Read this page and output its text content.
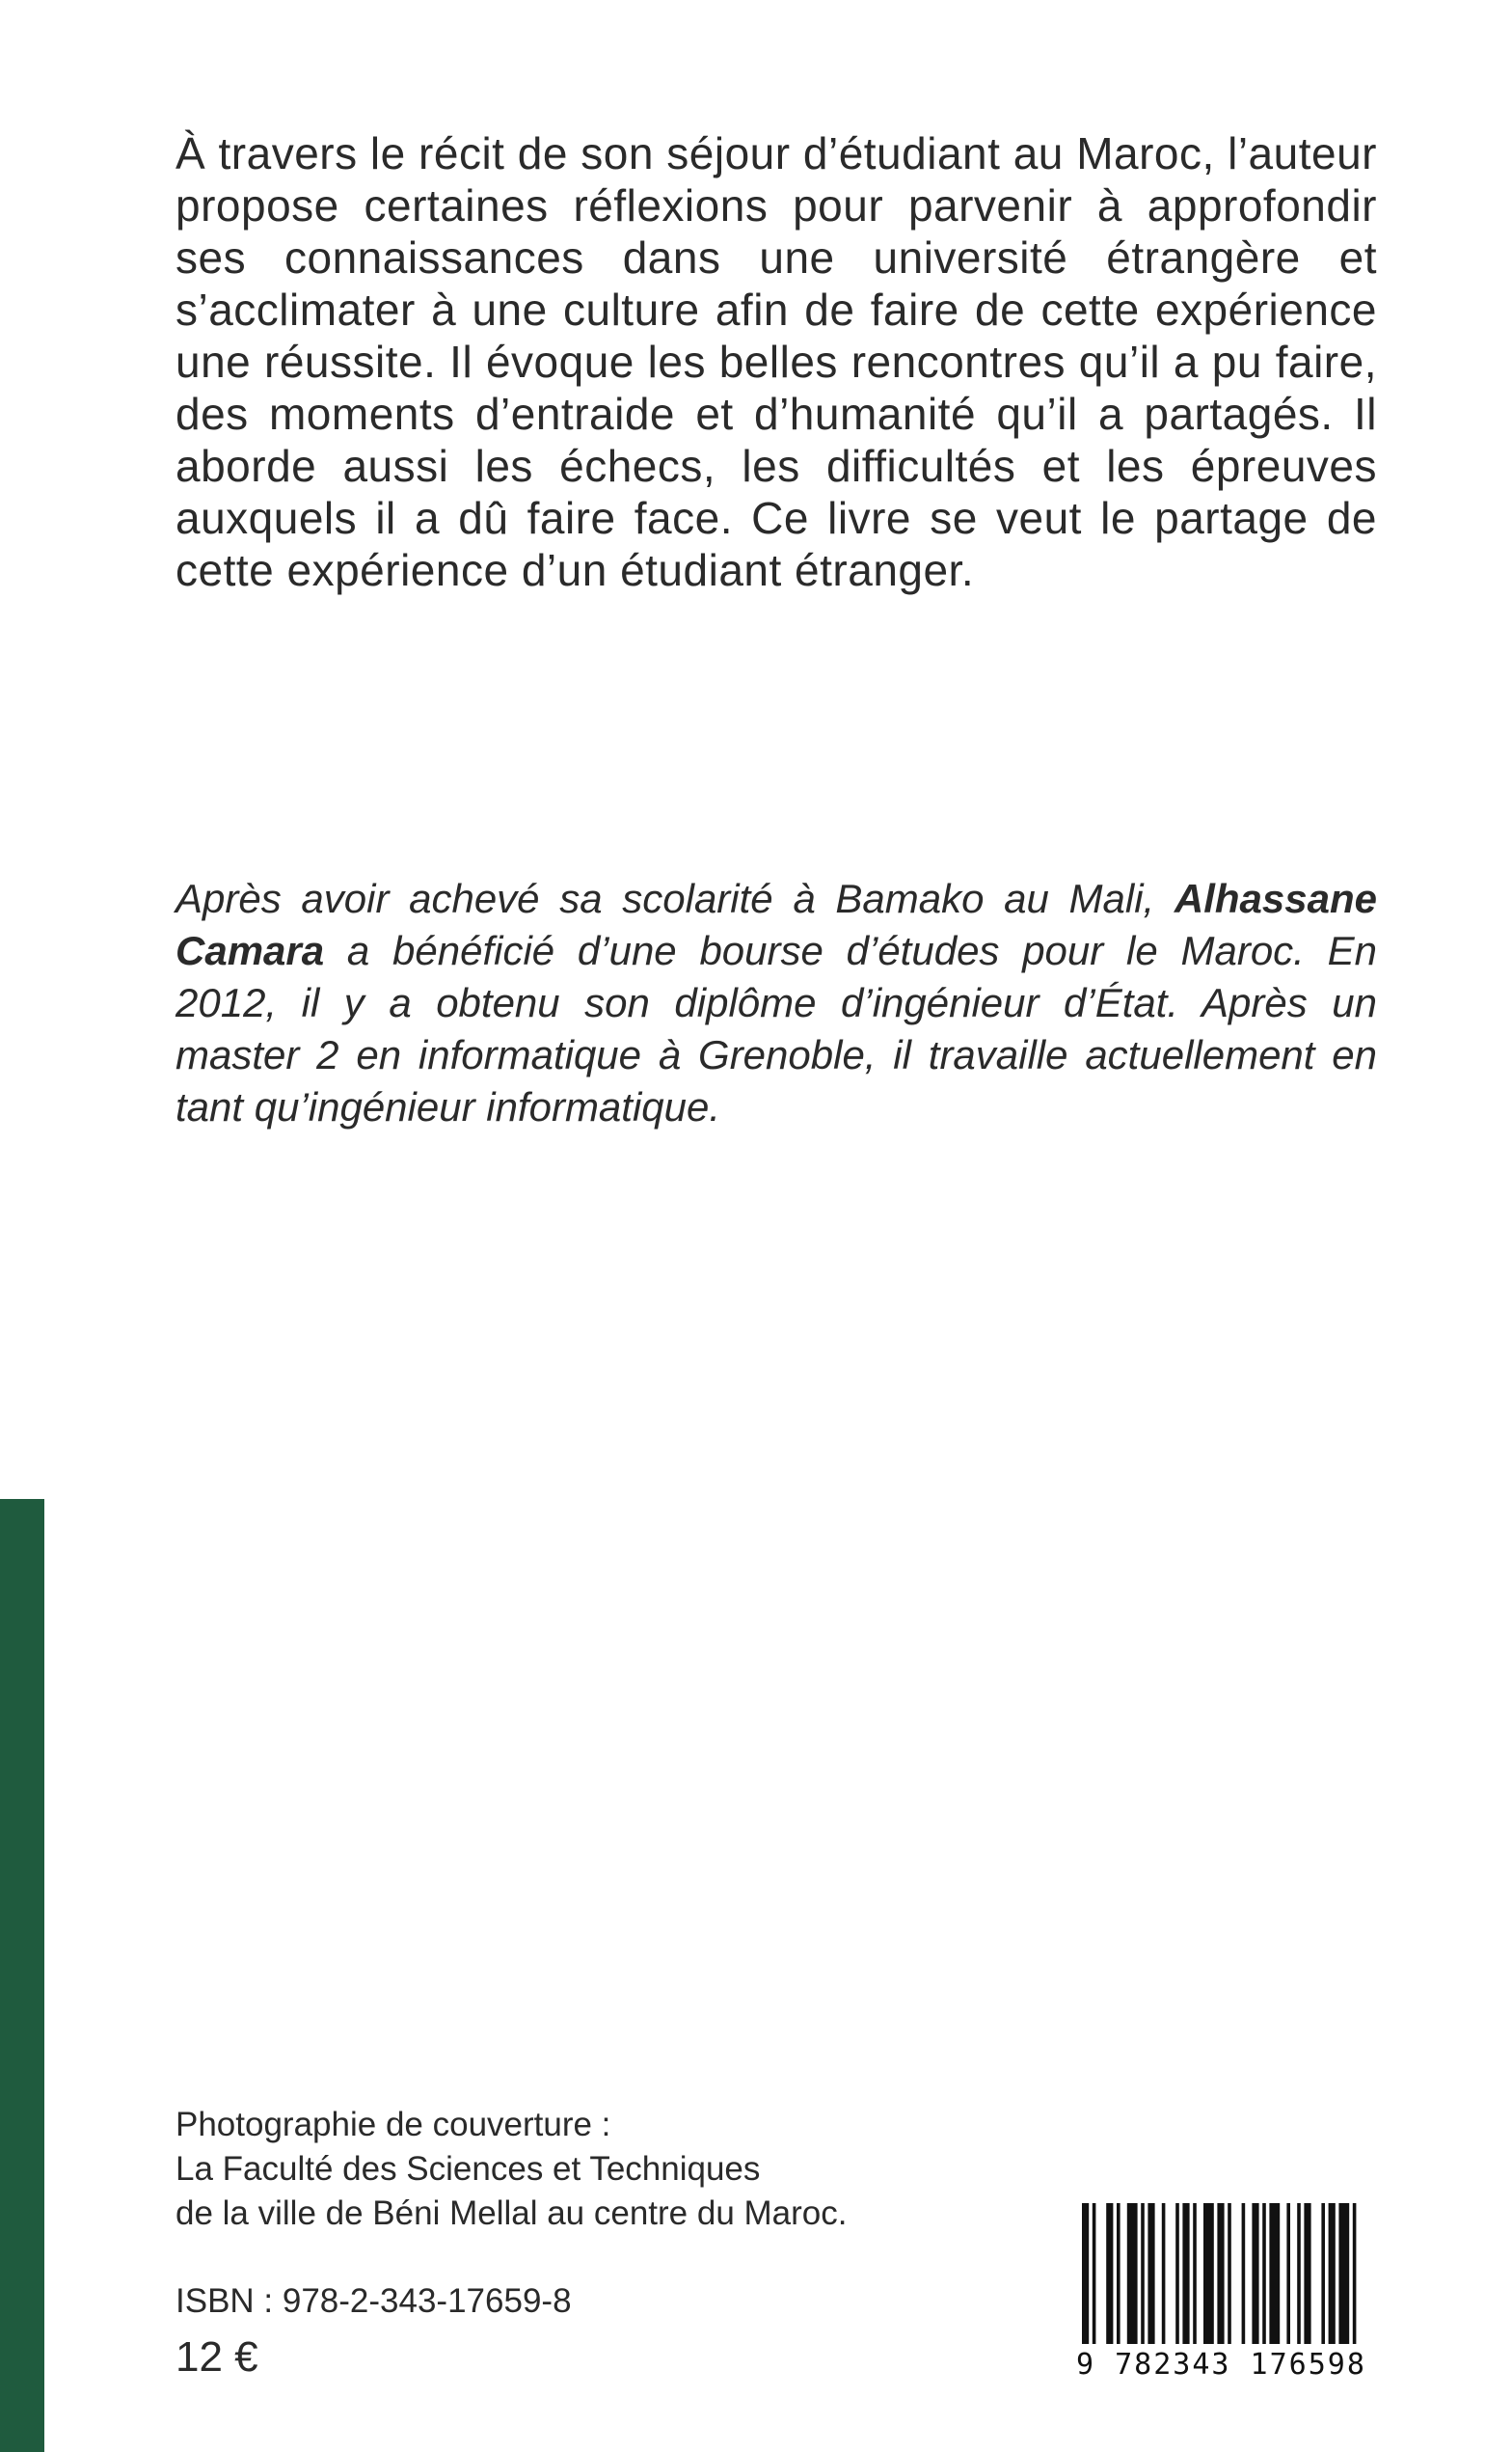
À travers le récit de son séjour d’étudiant au Maroc, l’auteur propose certaines réflexions pour parvenir à approfondir ses connaissances dans une université étrangère et s’acclimater à une culture afin de faire de cette expérience une réussite. Il évoque les belles rencontres qu’il a pu faire, des moments d’entraide et d’humanité qu’il a partagés. Il aborde aussi les échecs, les difficultés et les épreuves auxquels il a dû faire face. Ce livre se veut le partage de cette expérience d’un étudiant étranger.

Après avoir achevé sa scolarité à Bamako au Mali, Alhassane Camara a bénéficié d’une bourse d’études pour le Maroc. En 2012, il y a obtenu son diplôme d’ingénieur d’État. Après un master 2 en informatique à Grenoble, il travaille actuellement en tant qu’ingénieur informatique.

Photographie de couverture :
La Faculté des Sciences et Techniques
de la ville de Béni Mellal au centre du Maroc.
ISBN : 978-2-343-17659-8
12 €	9 782343 176598
